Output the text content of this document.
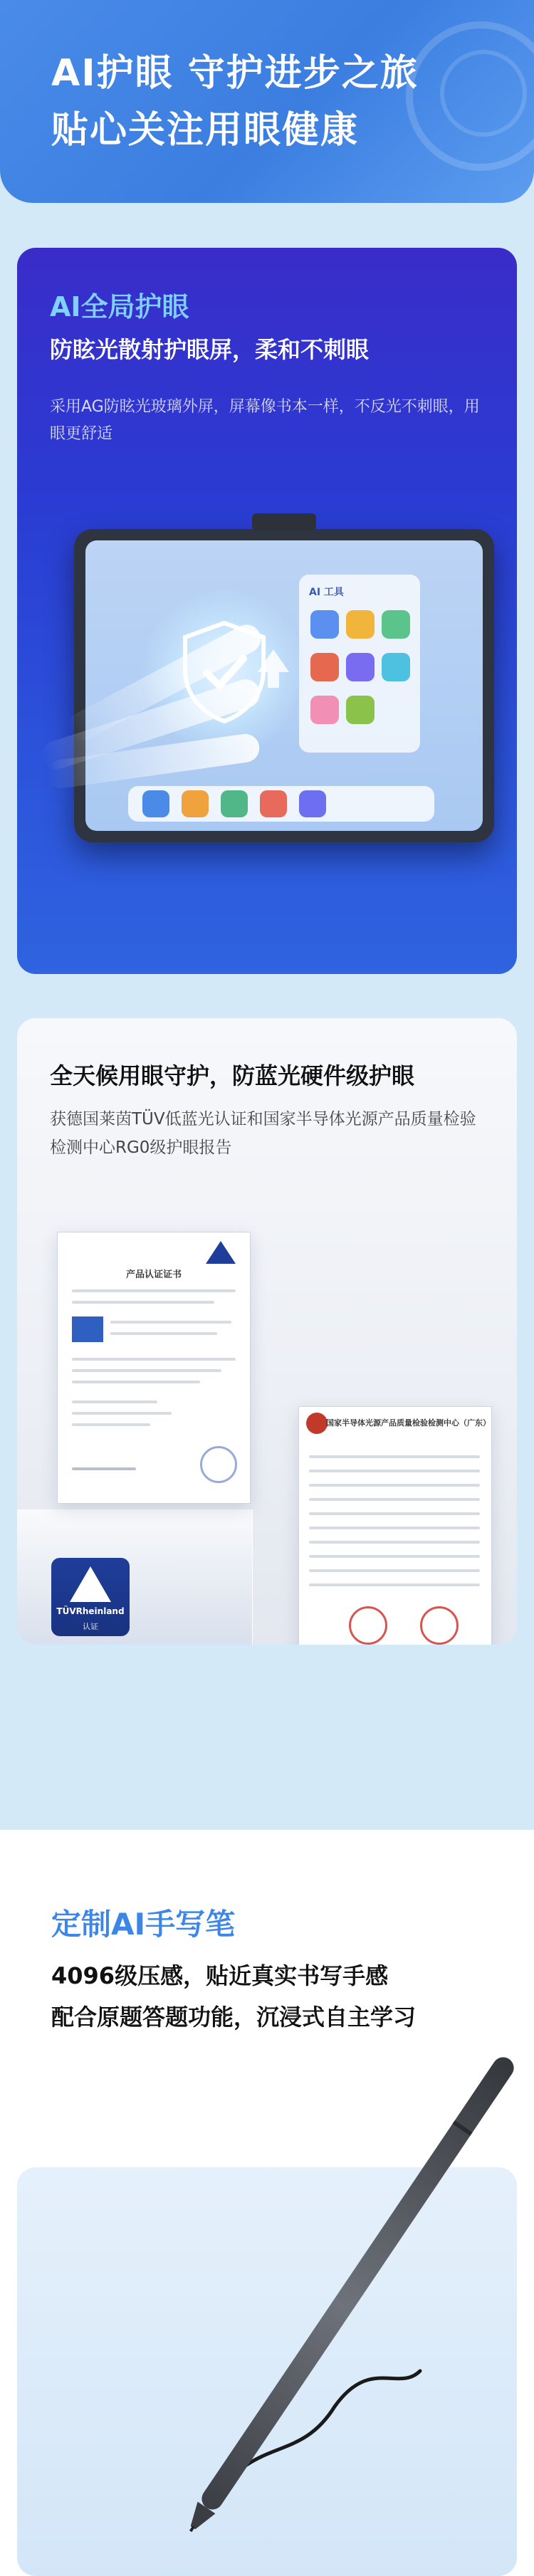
AI护眼 守护进步之旅
贴心关注用眼健康
AI全局护眼
防眩光散射护眼屏，柔和不刺眼
采用AG防眩光玻璃外屏，屏幕像书本一样，不反光不刺眼，用眼更舒适
AI 工具
全天候用眼守护，防蓝光硬件级护眼
获德国莱茵TÜV低蓝光认证和国家半导体光源产品质量检验检测中心RG0级护眼报告
产品认证证书
国家半导体光源产品质量检验检测中心（广东）
TÜVRheinland
认证
定制AI手写笔
4096级压感，贴近真实书写手感
配合原题答题功能，沉浸式自主学习
